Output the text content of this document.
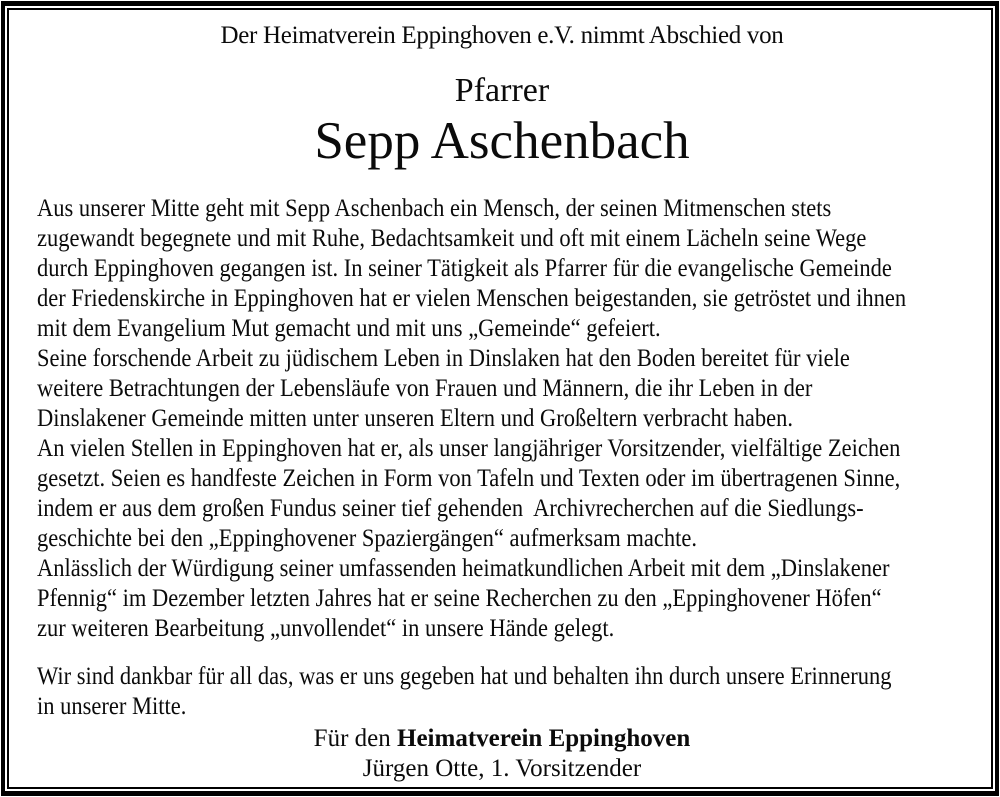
Der Heimatverein Eppinghoven e.V. nimmt Abschied von
Pfarrer
Sepp Aschenbach
Aus unserer Mitte geht mit Sepp Aschenbach ein Mensch, der seinen Mitmenschen stets
zugewandt begegnete und mit Ruhe, Bedachtsamkeit und oft mit einem Lächeln seine Wege
durch Eppinghoven gegangen ist. In seiner Tätigkeit als Pfarrer für die evangelische Gemeinde
der Friedenskirche in Eppinghoven hat er vielen Menschen beigestanden, sie getröstet und ihnen
mit dem Evangelium Mut gemacht und mit uns „Gemeinde“ gefeiert.
Seine forschende Arbeit zu jüdischem Leben in Dinslaken hat den Boden bereitet für viele
weitere Betrachtungen der Lebensläufe von Frauen und Männern, die ihr Leben in der
Dinslakener Gemeinde mitten unter unseren Eltern und Großeltern verbracht haben.
An vielen Stellen in Eppinghoven hat er, als unser langjähriger Vorsitzender, vielfältige Zeichen
gesetzt. Seien es handfeste Zeichen in Form von Tafeln und Texten oder im übertragenen Sinne,
indem er aus dem großen Fundus seiner tief gehenden  Archivrecherchen auf die Siedlungs-
geschichte bei den „Eppinghovener Spaziergängen“ aufmerksam machte.
Anlässlich der Würdigung seiner umfassenden heimatkundlichen Arbeit mit dem „Dinslakener
Pfennig“ im Dezember letzten Jahres hat er seine Recherchen zu den „Eppinghovener Höfen“
zur weiteren Bearbeitung „unvollendet“ in unsere Hände gelegt.
Wir sind dankbar für all das, was er uns gegeben hat und behalten ihn durch unsere Erinnerung
in unserer Mitte.
Für den Heimatverein Eppinghoven
Jürgen Otte, 1. Vorsitzender
